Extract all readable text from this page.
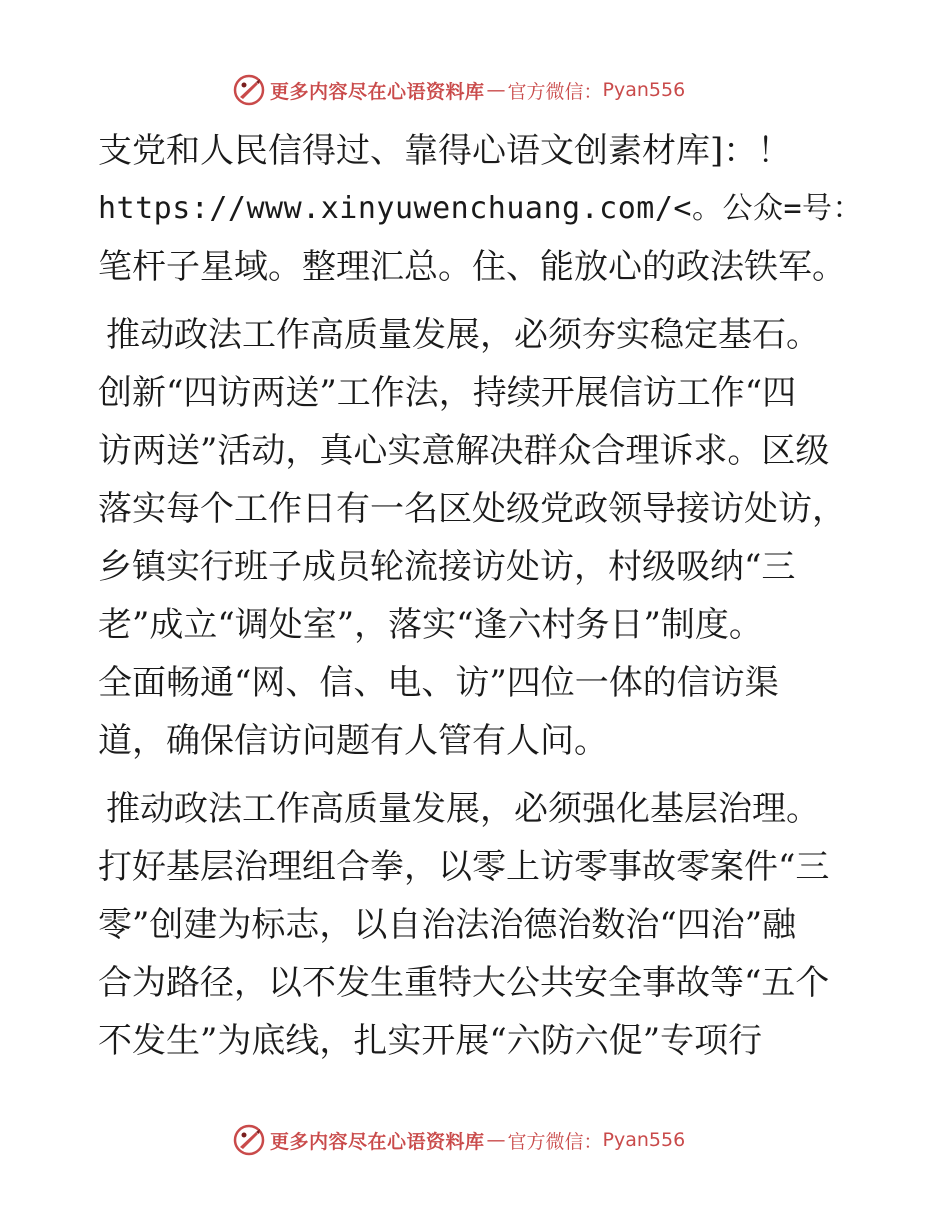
更多内容尽在心语资料库 — 官方微信： Pyan556
支党和人民信得过、靠得心语文创素材库]：！
https://www.xinyuwenchuang.com/<。公众=号：
笔杆子星域。整理汇总。住、能放心的政法铁军。
推动政法工作高质量发展，必须夯实稳定基石。
创新“四访两送”工作法，持续开展信访工作“四
访两送”活动，真心实意解决群众合理诉求。区级
落实每个工作日有一名区处级党政领导接访处访，
乡镇实行班子成员轮流接访处访，村级吸纳“三
老”成立“调处室”，落实“逢六村务日”制度。
全面畅通“网、信、电、访”四位一体的信访渠
道，确保信访问题有人管有人问。
推动政法工作高质量发展，必须强化基层治理。
打好基层治理组合拳，以零上访零事故零案件“三
零”创建为标志，以自治法治德治数治“四治”融
合为路径，以不发生重特大公共安全事故等“五个
不发生”为底线，扎实开展“六防六促”专项行
更多内容尽在心语资料库 — 官方微信： Pyan556
